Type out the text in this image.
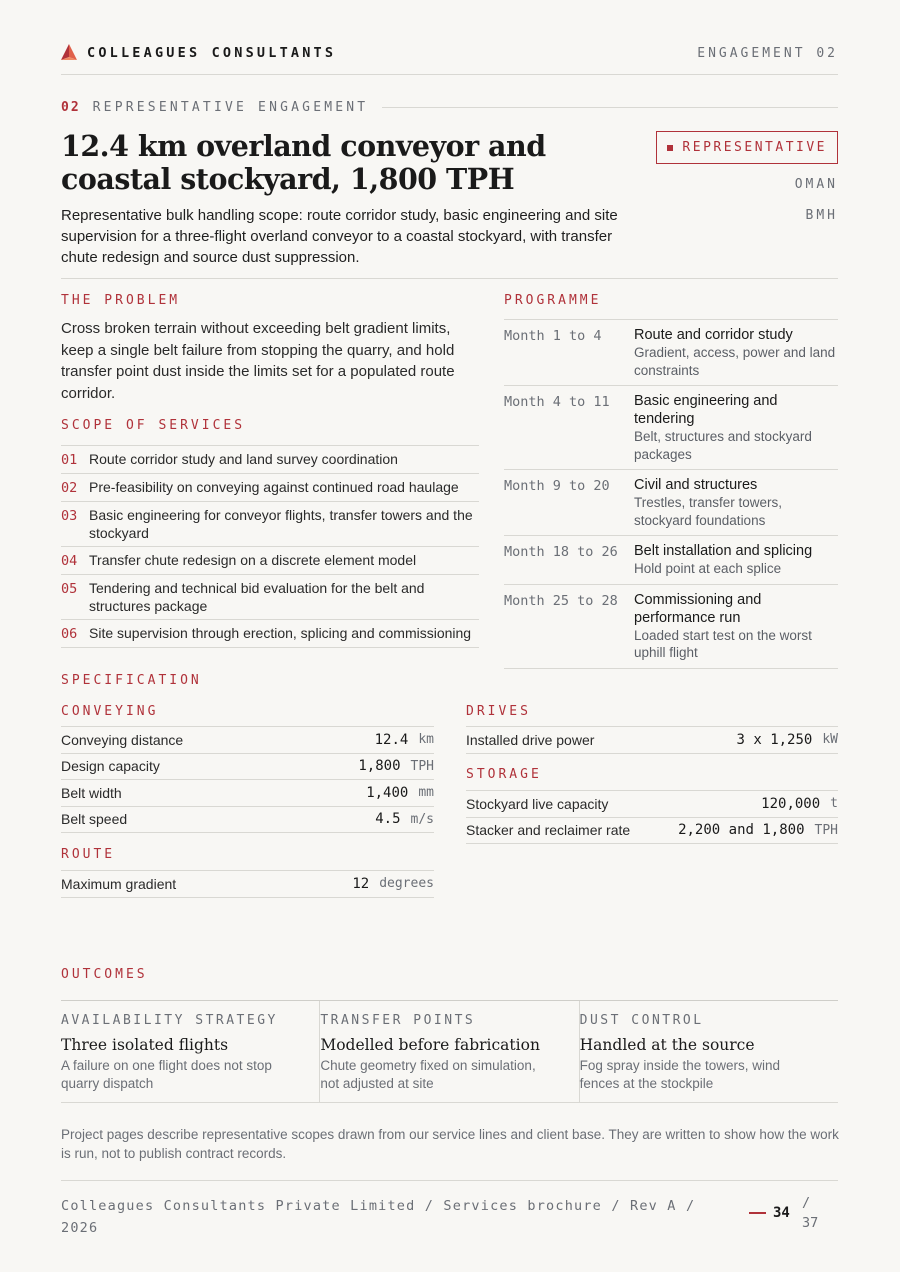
COLLEAGUES CONSULTANTS	ENGAGEMENT 02
02 REPRESENTATIVE ENGAGEMENT
12.4 km overland conveyor and coastal stockyard, 1,800 TPH
REPRESENTATIVE
OMAN
BMH

Representative bulk handling scope: route corridor study, basic engineering and site supervision for a three-flight overland conveyor to a coastal stockyard, with transfer chute redesign and source dust suppression.

THE PROBLEM

Cross broken terrain without exceeding belt gradient limits, keep a single belt failure from stopping the quarry, and hold transfer point dust inside the limits set for a populated route corridor.

SCOPE OF SERVICES
01 Route corridor study and land survey coordination
02 Pre-feasibility on conveying against continued road haulage
03 Basic engineering for conveyor flights, transfer towers and the stockyard
04 Transfer chute redesign on a discrete element model
05 Tendering and technical bid evaluation for the belt and structures package
06 Site supervision through erection, splicing and commissioning
PROGRAMME
Month 1 to 4	Route and corridor study
Gradient, access, power and land constraints
Month 4 to 11	Basic engineering and tendering
Belt, structures and stockyard packages
Month 9 to 20	Civil and structures
Trestles, transfer towers, stockyard foundations
Month 18 to 26	Belt installation and splicing
Hold point at each splice
Month 25 to 28	Commissioning and performance run
Loaded start test on the worst uphill flight
SPECIFICATION
CONVEYING
Conveying distance	12.4 km
Design capacity	1,800 TPH
Belt width	1,400 mm
Belt speed	4.5 m/s
ROUTE
Maximum gradient	12 degrees
DRIVES
Installed drive power	3 x 1,250 kW
STORAGE
Stockyard live capacity	120,000 t
Stacker and reclaimer rate	2,200 and 1,800 TPH
OUTCOMES
AVAILABILITY STRATEGY
Three isolated flights
A failure on one flight does not stop quarry dispatch
TRANSFER POINTS
Modelled before fabrication
Chute geometry fixed on simulation, not adjusted at site
DUST CONTROL
Handled at the source
Fog spray inside the towers, wind fences at the stockpile

Project pages describe representative scopes drawn from our service lines and client base. They are written to show how the work is run, not to publish contract records.

Colleagues Consultants Private Limited / Services brochure / Rev A / 2026
34
/ 37
